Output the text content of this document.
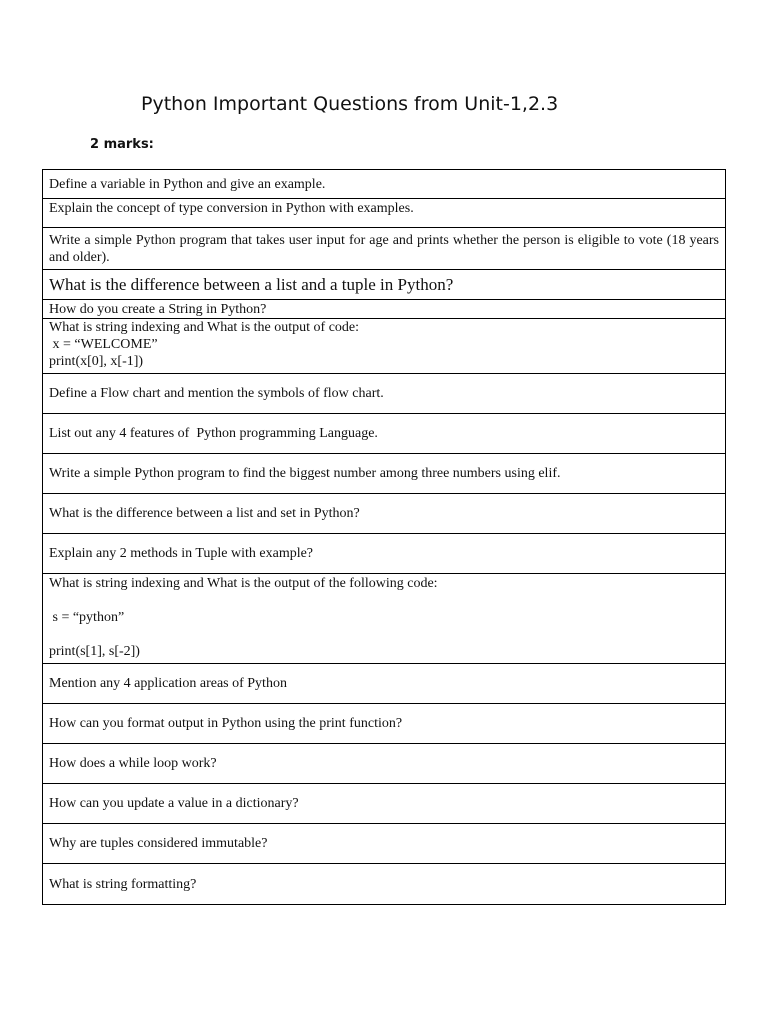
Python Important Questions from Unit-1,2.3
2 marks:
Define a variable in Python and give an example.

Explain the concept of type conversion in Python with examples.

Write a simple Python program that takes user input for age and prints whether the person is eligible to vote (18 years and older).

What is the difference between a list and a tuple in Python?

How do you create a String in Python?

What is string indexing and What is the output of code:
x = “WELCOME”
print(x[0], x[-1])

Define a Flow chart and mention the symbols of flow chart.

List out any 4 features of  Python programming Language.

Write a simple Python program to find the biggest number among three numbers using elif.

What is the difference between a list and set in Python?

Explain any 2 methods in Tuple with example?

What is string indexing and What is the output of the following code:
s = “python”
print(s[1], s[-2])

Mention any 4 application areas of Python

How can you format output in Python using the print function?

How does a while loop work?

How can you update a value in a dictionary?

Why are tuples considered immutable?

What is string formatting?
